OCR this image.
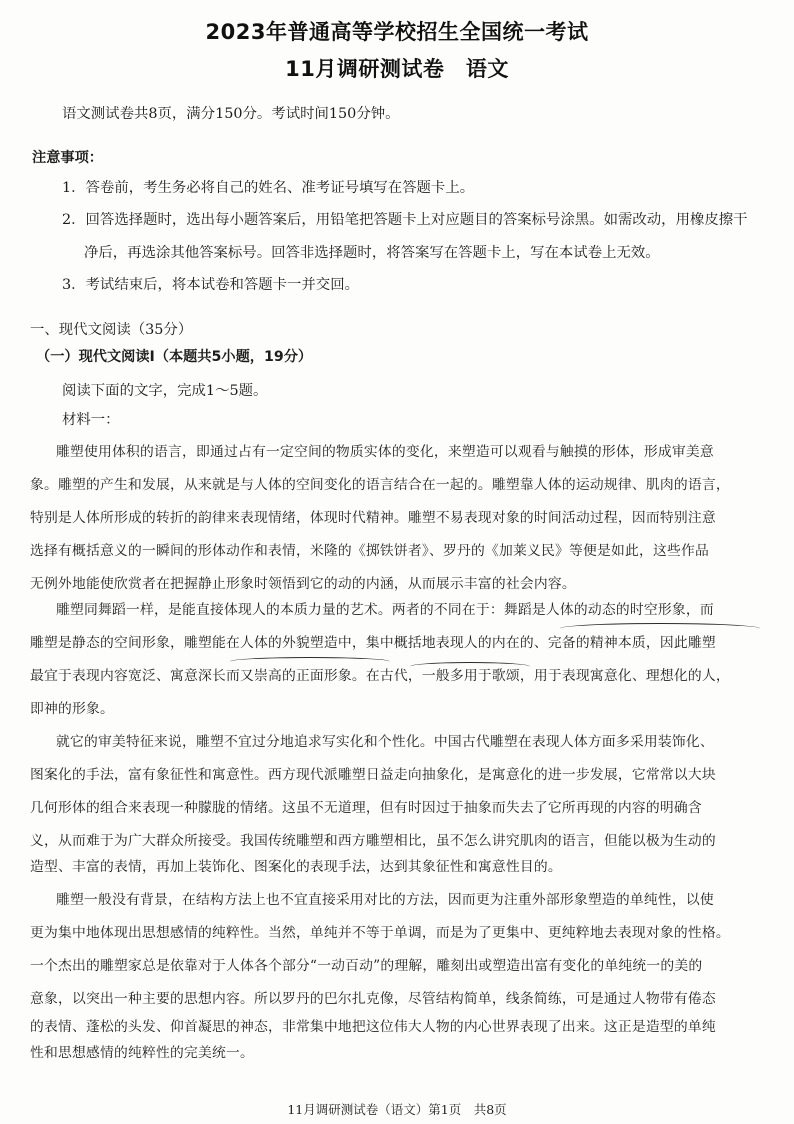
2023年普通高等学校招生全国统一考试
11月调研测试卷　语文
语文测试卷共8页，满分150分。考试时间150分钟。
注意事项：
1．答卷前，考生务必将自己的姓名、准考证号填写在答题卡上。
2．回答选择题时，选出每小题答案后，用铅笔把答题卡上对应题目的答案标号涂黑。如需改动，用橡皮擦干
净后，再选涂其他答案标号。回答非选择题时，将答案写在答题卡上，写在本试卷上无效。
3．考试结束后，将本试卷和答题卡一并交回。
一、现代文阅读（35分）
（一）现代文阅读Ⅰ（本题共5小题，19分）
阅读下面的文字，完成1～5题。
材料一：
雕塑使用体积的语言，即通过占有一定空间的物质实体的变化，来塑造可以观看与触摸的形体，形成审美意
象。雕塑的产生和发展，从来就是与人体的空间变化的语言结合在一起的。雕塑靠人体的运动规律、肌肉的语言，
特别是人体所形成的转折的韵律来表现情绪，体现时代精神。雕塑不易表现对象的时间活动过程，因而特别注意
选择有概括意义的一瞬间的形体动作和表情，米隆的《掷铁饼者》、罗丹的《加莱义民》等便是如此，这些作品
无例外地能使欣赏者在把握静止形象时领悟到它的动的内涵，从而展示丰富的社会内容。
雕塑同舞蹈一样，是能直接体现人的本质力量的艺术。两者的不同在于：舞蹈是人体的动态的时空形象，而
雕塑是静态的空间形象，雕塑能在人体的外貌塑造中，集中概括地表现人的内在的、完备的精神本质，因此雕塑
最宜于表现内容宽泛、寓意深长而又崇高的正面形象。在古代，一般多用于歌颂，用于表现寓意化、理想化的人，
即神的形象。
就它的审美特征来说，雕塑不宜过分地追求写实化和个性化。中国古代雕塑在表现人体方面多采用装饰化、
图案化的手法，富有象征性和寓意性。西方现代派雕塑日益走向抽象化，是寓意化的进一步发展，它常常以大块
几何形体的组合来表现一种朦胧的情绪。这虽不无道理，但有时因过于抽象而失去了它所再现的内容的明确含
义，从而难于为广大群众所接受。我国传统雕塑和西方雕塑相比，虽不怎么讲究肌肉的语言，但能以极为生动的
造型、丰富的表情，再加上装饰化、图案化的表现手法，达到其象征性和寓意性目的。
雕塑一般没有背景，在结构方法上也不宜直接采用对比的方法，因而更为注重外部形象塑造的单纯性，以使
更为集中地体现出思想感情的纯粹性。当然，单纯并不等于单调，而是为了更集中、更纯粹地去表现对象的性格。
一个杰出的雕塑家总是依靠对于人体各个部分“一动百动”的理解，雕刻出或塑造出富有变化的单纯统一的美的
意象，以突出一种主要的思想内容。所以罗丹的巴尔扎克像，尽管结构简单，线条简练，可是通过人物带有倦态
的表情、蓬松的头发、仰首凝思的神态，非常集中地把这位伟大人物的内心世界表现了出来。这正是造型的单纯
性和思想感情的纯粹性的完美统一。
11月调研测试卷（语文）第1页　共8页
